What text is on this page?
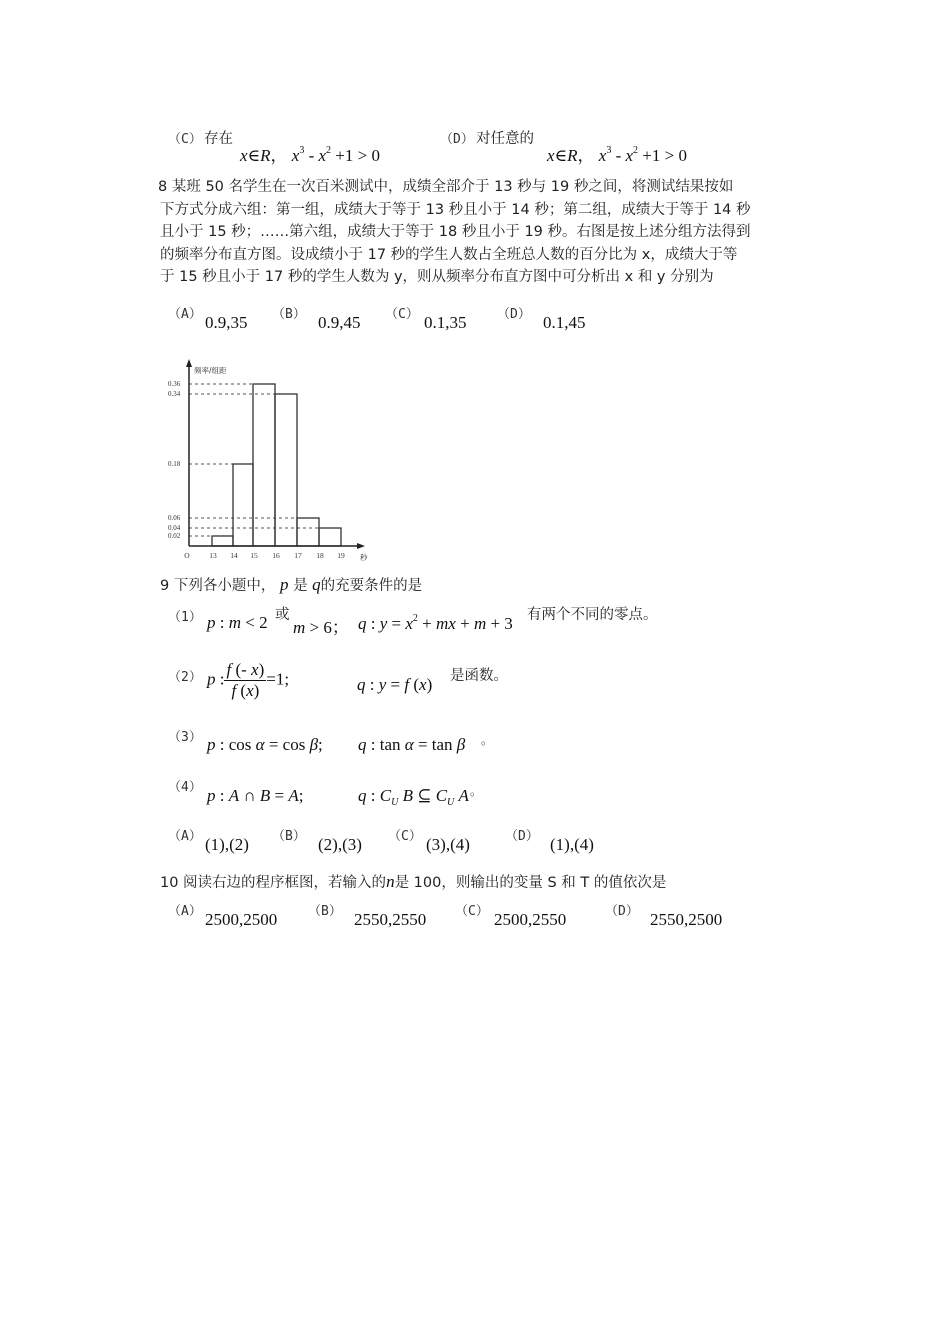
（C） 存在
x∈R， $x^3 - x^2 +1 > 0$
（D） 对任意的
x∈R， $x^3 - x^2 +1 > 0$
8 某班 50 名学生在一次百米测试中，成绩全部介于 13 秒与 19 秒之间，将测试结果按如
下方式分成六组：第一组，成绩大于等于 13 秒且小于 14 秒；第二组，成绩大于等于 14 秒
且小于 15 秒；……第六组，成绩大于等于 18 秒且小于 19 秒。右图是按上述分组方法得到
的频率分布直方图。设成绩小于 17 秒的学生人数占全班总人数的百分比为 x，成绩大于等
于 15 秒且小于 17 秒的学生人数为 y，则从频率分布直方图中可分析出 x 和 y 分别为
（A） 0.9,35 （B） 0.9,45 （C） 0.1,35 （D） 0.1,45
0.36
0.34
0.18
0.06
0.04
0.02
频率/组距
O	13 14 15 16 17 18 19 秒
9 下列各小题中， p 是 q的充要条件的是
（1） p : m < 2 或
m > 6； q : $y = x^2$ + mx + m + 3 有两个不同的零点。
（2） p : $\frac{f (- x)}{f (x)} =1$;	q : y = f (x) 是函数。
（3） p : cos α = cos β; q : tan α = tan β 。
（4） p : A ∩ B = A;	q : $C_U$ B ⊆ $C_U$ A 。
（A） (1),(2) （B） (2),(3) （C） (3),(4)	（D） (1),(4)
10 阅读右边的程序框图，若输入的n是 100，则输出的变量 S 和 T 的值依次是
（A） 2500,2500 （B） 2550,2550 （C） 2500,2550	（D） 2550,2500
